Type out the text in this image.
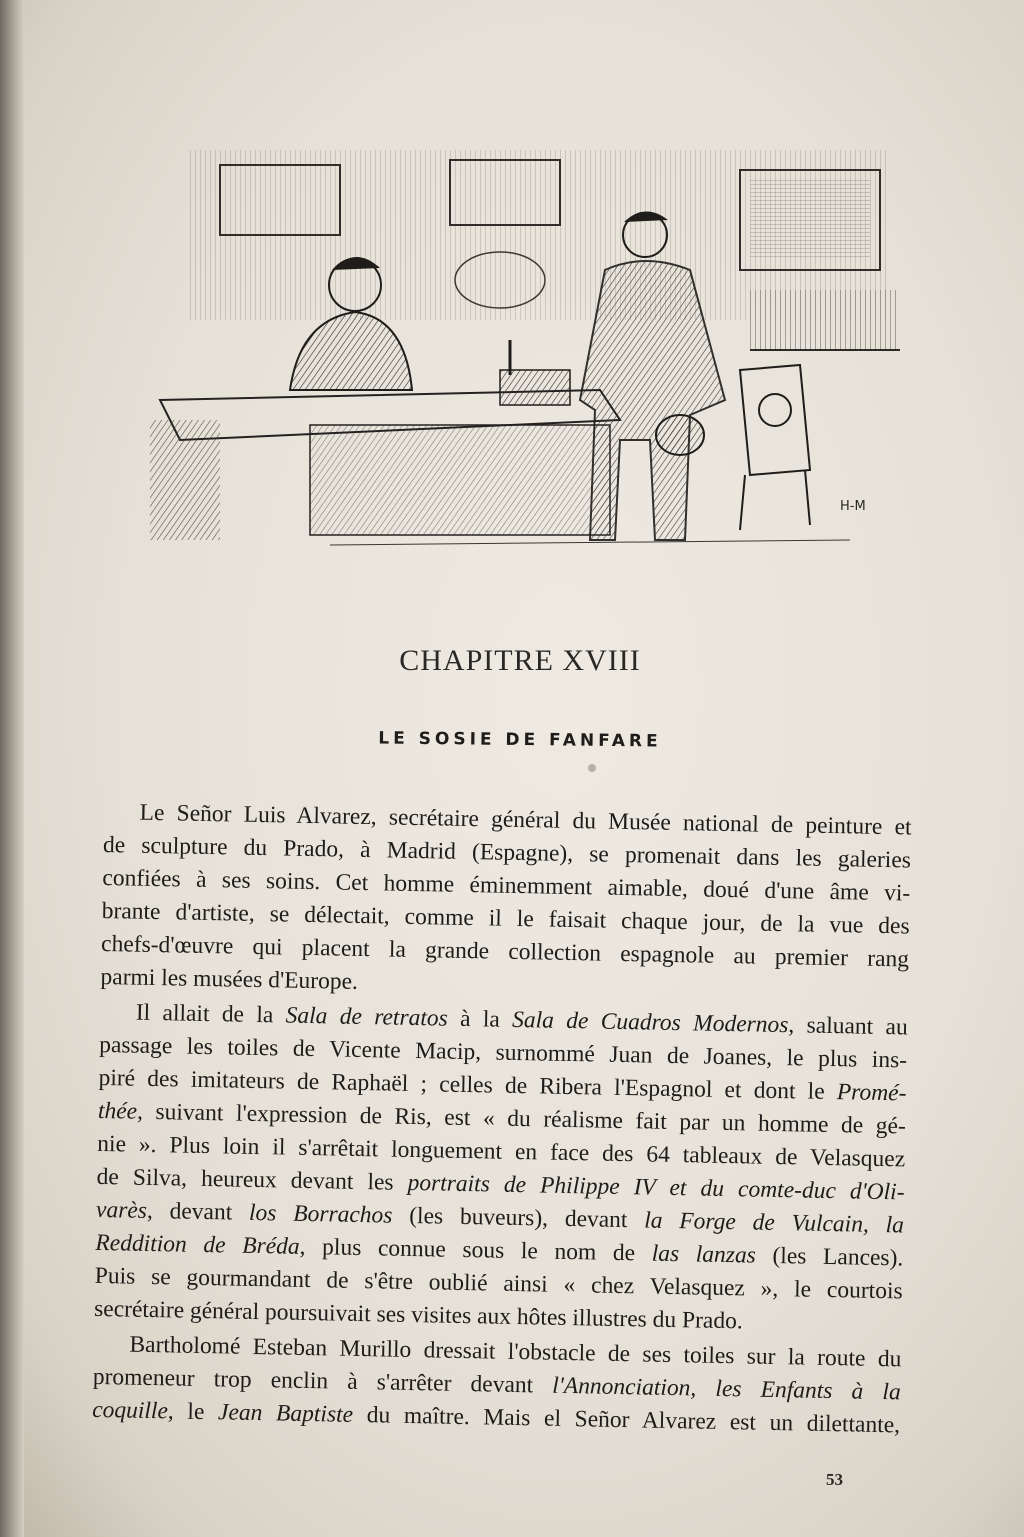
H-M
CHAPITRE XVIII
LE SOSIE DE FANFARE
Le Señor Luis Alvarez, secrétaire général du Musée national de peinture et
de sculpture du Prado, à Madrid (Espagne), se promenait dans les galeries
confiées à ses soins. Cet homme éminemment aimable, doué d'une âme vi-
brante d'artiste, se délectait, comme il le faisait chaque jour, de la vue des
chefs-d'œuvre qui placent la grande collection espagnole au premier rang
parmi les musées d'Europe.
Il allait de la Sala de retratos à la Sala de Cuadros Modernos, saluant au
passage les toiles de Vicente Macip, surnommé Juan de Joanes, le plus ins-
piré des imitateurs de Raphaël ; celles de Ribera l'Espagnol et dont le Promé-
thée, suivant l'expression de Ris, est « du réalisme fait par un homme de gé-
nie ». Plus loin il s'arrêtait longuement en face des 64 tableaux de Velasquez
de Silva, heureux devant les portraits de Philippe IV et du comte-duc d'Oli-
varès, devant los Borrachos (les buveurs), devant la Forge de Vulcain, la
Reddition de Bréda, plus connue sous le nom de las lanzas (les Lances).
Puis se gourmandant de s'être oublié ainsi « chez Velasquez », le courtois
secrétaire général poursuivait ses visites aux hôtes illustres du Prado.
Bartholomé Esteban Murillo dressait l'obstacle de ses toiles sur la route du
promeneur trop enclin à s'arrêter devant l'Annonciation, les Enfants à la
coquille, le Jean Baptiste du maître. Mais el Señor Alvarez est un dilettante,
53
